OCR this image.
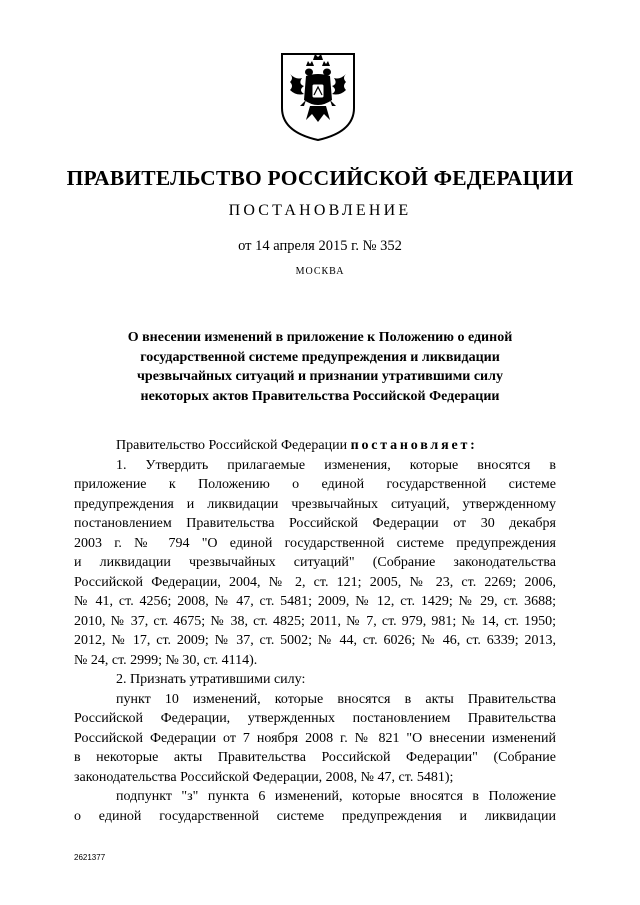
ПРАВИТЕЛЬСТВО РОССИЙСКОЙ ФЕДЕРАЦИИ
ПОСТАНОВЛЕНИЕ
от 14 апреля 2015 г. № 352
МОСКВА
О внесении изменений в приложение к Положению о единой
государственной системе предупреждения и ликвидации
чрезвычайных ситуаций и признании утратившими силу
некоторых актов Правительства Российской Федерации
Правительство Российской Федерации постановляет:
1. Утвердить прилагаемые изменения, которые вносятся в
приложение к Положению о единой государственной системе
предупреждения и ликвидации чрезвычайных ситуаций, утвержденному
постановлением Правительства Российской Федерации от 30 декабря
2003 г. № 794 "О единой государственной системе предупреждения
и ликвидации чрезвычайных ситуаций" (Собрание законодательства
Российской Федерации, 2004, № 2, ст. 121; 2005, № 23, ст. 2269; 2006,
№ 41, ст. 4256; 2008, № 47, ст. 5481; 2009, № 12, ст. 1429; № 29, ст. 3688;
2010, № 37, ст. 4675; № 38, ст. 4825; 2011, № 7, ст. 979, 981; № 14, ст. 1950;
2012, № 17, ст. 2009; № 37, ст. 5002; № 44, ст. 6026; № 46, ст. 6339; 2013,
№ 24, ст. 2999; № 30, ст. 4114).
2. Признать утратившими силу:
пункт 10 изменений, которые вносятся в акты Правительства
Российской Федерации, утвержденных постановлением Правительства
Российской Федерации от 7 ноября 2008 г. № 821 "О внесении изменений
в некоторые акты Правительства Российской Федерации" (Собрание
законодательства Российской Федерации, 2008, № 47, ст. 5481);
подпункт "з" пункта 6 изменений, которые вносятся в Положение
о единой государственной системе предупреждения и ликвидации
2621377
